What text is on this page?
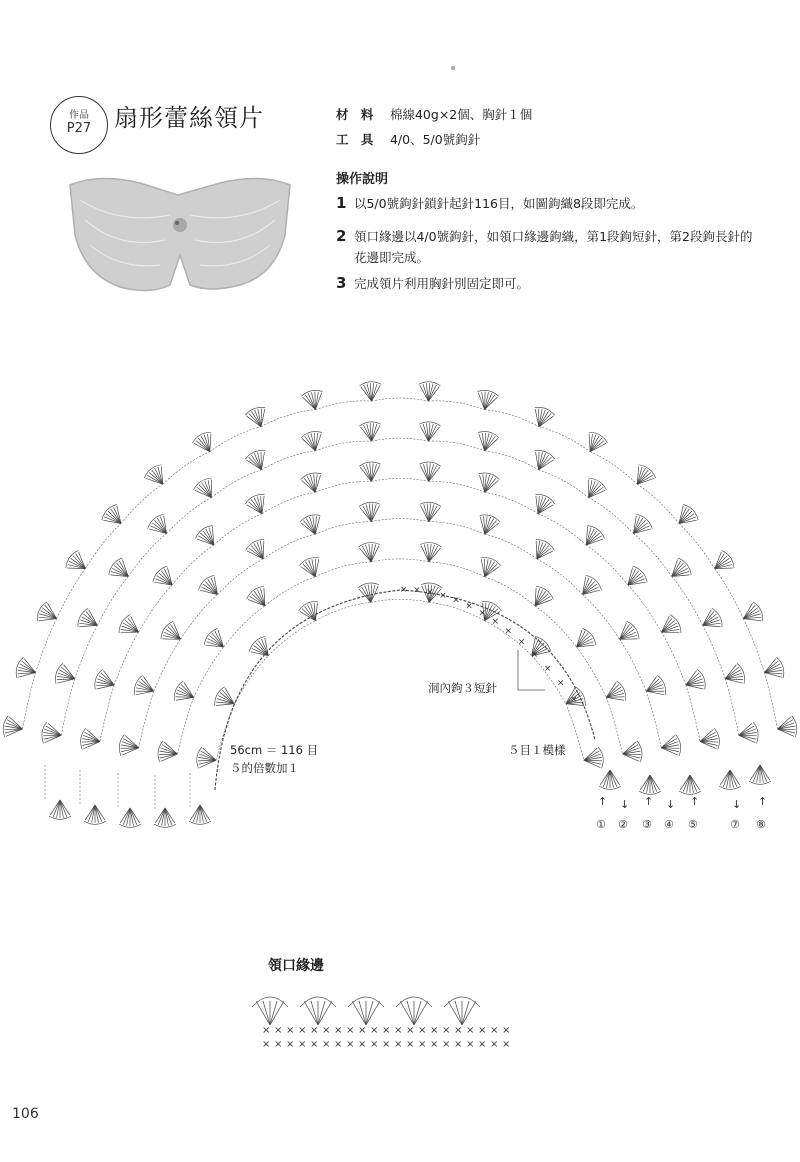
作品
P27 扇形蕾絲領片	材 料 棉線40g×2個、胸針１個
工 具 4/0、5/0號鉤針
操作說明
1 以5/0號鉤針鎖針起針116目，如圖鉤織8段即完成。
2 領口緣邊以4/0號鉤針，如領口緣邊鉤織，第1段鉤短針，第2段鉤長針的花邊即完成。
3 完成領片利用胸針別固定即可。
× × × × ×
×
×
×
×
×
×
×
×
×
↑
①
↓
②
↑
③
↓
④
↑
⑤
↓
⑦
↑
⑧
洞內鉤３短針
56cm ＝ 116 目
５的倍數加１
５目１模樣
領口緣邊
×
×
×
×
×
×
×
×
×
×
×
×
×
×
×
×
×
×
×
×
×
×
×
×
×
×
×
×
×
×
×
×
×
×
×
×
×
×
×
×
×
×
106
